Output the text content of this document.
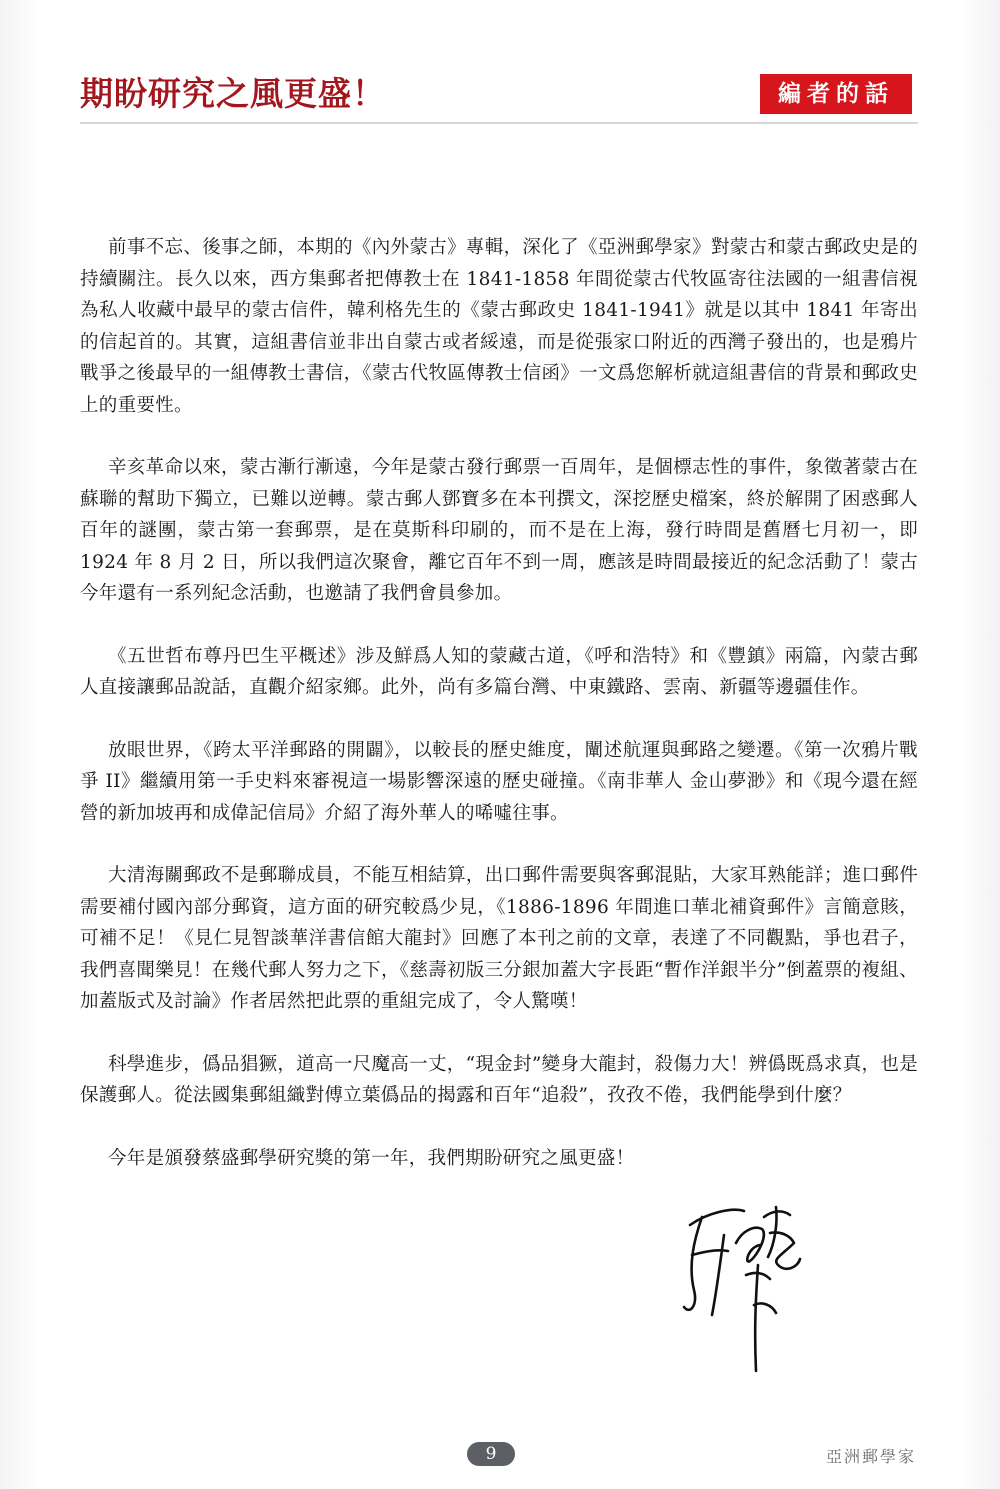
期盼研究之風更盛！	編者的話

前事不忘、後事之師，本期的《內外蒙古》專輯，深化了《亞洲郵學家》對蒙古和蒙古郵政史是的持續關注。長久以來，西方集郵者把傳教士在 1841-1858 年間從蒙古代牧區寄往法國的一組書信視為私人收藏中最早的蒙古信件，韓利格先生的《蒙古郵政史 1841-1941》就是以其中 1841 年寄出的信起首的。其實，這組書信並非出自蒙古或者綏遠，而是從張家口附近的西灣子發出的，也是鴉片戰爭之後最早的一組傳教士書信，《蒙古代牧區傳教士信函》一文爲您解析就這組書信的背景和郵政史上的重要性。

辛亥革命以來，蒙古漸行漸遠，今年是蒙古發行郵票一百周年，是個標志性的事件，象徵著蒙古在蘇聯的幫助下獨立，已難以逆轉。蒙古郵人鄧寶多在本刊撰文，深挖歷史檔案，終於解開了困惑郵人百年的謎團，蒙古第一套郵票，是在莫斯科印刷的，而不是在上海，發行時間是舊曆七月初一，即 1924 年 8 月 2 日，所以我們這次聚會，離它百年不到一周，應該是時間最接近的紀念活動了！蒙古今年還有一系列紀念活動，也邀請了我們會員參加。

《五世哲布尊丹巴生平概述》涉及鮮爲人知的蒙藏古道，《呼和浩特》和《豐鎮》兩篇，內蒙古郵人直接讓郵品說話，直觀介紹家鄉。此外，尚有多篇台灣、中東鐵路、雲南、新疆等邊疆佳作。

放眼世界，《跨太平洋郵路的開闢》，以較長的歷史維度，闡述航運與郵路之變遷。《第一次鴉片戰爭 II》繼續用第一手史料來審視這一場影響深遠的歷史碰撞。《南非華人 金山夢渺》和《現今還在經營的新加坡再和成偉記信局》介紹了海外華人的唏噓往事。

大清海關郵政不是郵聯成員，不能互相結算，出口郵件需要與客郵混貼，大家耳熟能詳；進口郵件需要補付國內部分郵資，這方面的研究較爲少見，《1886-1896 年間進口華北補資郵件》言簡意賅，可補不足！《見仁見智談華洋書信館大龍封》回應了本刊之前的文章，表達了不同觀點，爭也君子，我們喜聞樂見！在幾代郵人努力之下，《慈壽初版三分銀加蓋大字長距“暫作洋銀半分”倒蓋票的複組、加蓋版式及討論》作者居然把此票的重組完成了，令人驚嘆！

科學進步，僞品猖獗，道高一尺魔高一丈，“現金封”變身大龍封，殺傷力大！辨僞既爲求真，也是保護郵人。從法國集郵組織對傅立葉僞品的揭露和百年“追殺”，孜孜不倦，我們能學到什麼？

今年是頒發蔡盛郵學研究獎的第一年，我們期盼研究之風更盛！

9	亞洲郵學家
